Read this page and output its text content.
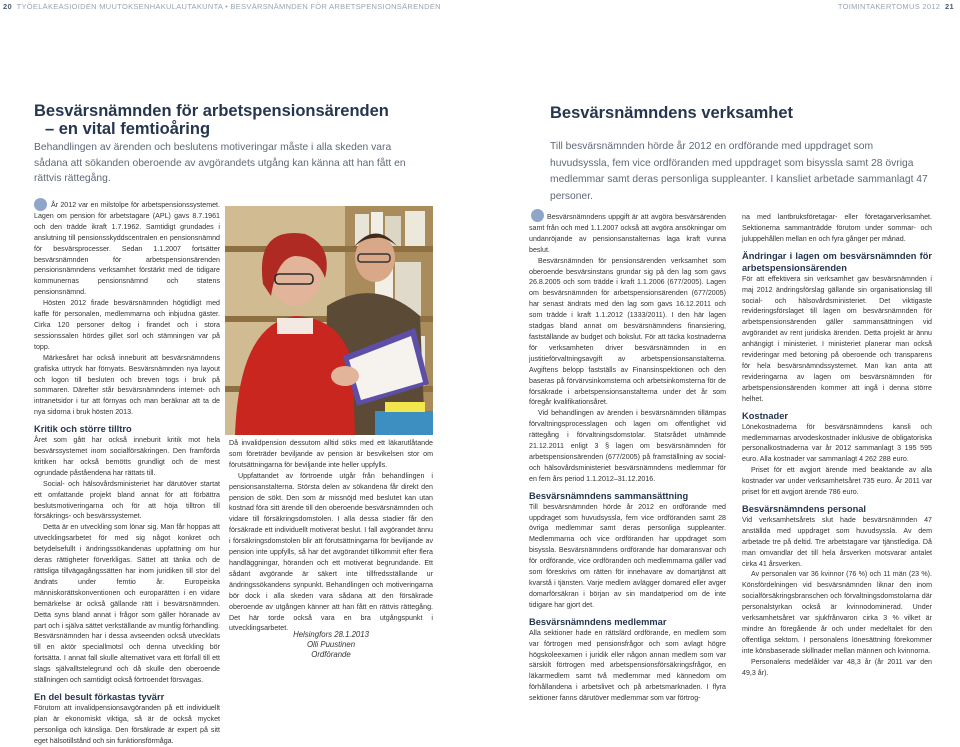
20 TYÖELÄKEASIOIDEN MUUTOKSENHAKULAUTAKUNTA • BESVÄRSNÄMNDEN FÖR ARBETSPENSIONSÄRENDEN	TOIMINTAKERTOMUS 2012 21
Besvärsnämnden för arbetspensionsärenden
– en vital femtioåring

Behandlingen av ärenden och beslutens motiveringar måste i alla skeden vara sådana att sökanden oberoende av avgörandets utgång kan känna att han fått en rättvis rättegång.

Besvärsnämndens verksamhet

Till besvärsnämnden hörde år 2012 en ordförande med uppdraget som huvudsyssla, fem vice ordföranden med uppdraget som bisyssla samt 28 övriga medlemmar samt deras personliga suppleanter. I kansliet arbetade sammanlagt 47 personer.

År 2012 var en milstolpe för arbetspensionssystemet. Lagen om pension för arbetstagare (APL) gavs 8.7.1961 och den trädde ikraft 1.7.1962. Samtidigt grundades i anslutning till pensionsskyddscentralen en pensionsnämnd för besvärsprocesser. Sedan 1.1.2007 fortsätter besvärsnämnden för arbetspensionsärenden pensionsnämndens verksamhet förstärkt med de tidigare kommunernas pensionsnämnd och statens pensionsnämnd.

Hösten 2012 firade besvärsnämnden högtidligt med kaffe för personalen, medlemmarna och inbjudna gäster. Cirka 120 personer deltog i firandet och i stora sessionssalen hördes gillet sorl och stämningen var på topp.

Märkesåret har också inneburit att besvärsnämndens grafiska uttryck har förnyats. Besvärsnämnden nya layout och logon till besluten och breven togs i bruk på sommaren. Därefter står besvärsnämndens internet- och intranetsidor i tur att förnyas och man beräknar att ta de nya sidorna i bruk hösten 2013.

Kritik och större tilltro

Året som gått har också inneburit kritik mot hela besvärssystemet inom socialförsäkringen. Den framförda kritiken har också bemötts grundligt och de mest ogrundade påståendena har rättats till.

Social- och hälsovårdsministeriet har därutöver startat ett omfattande projekt bland annat för att förbättra beslutsmotiveringarna och för att höja tilltron till försäkrings- och besvärssystemet.

Detta är en utveckling som lönar sig. Man får hoppas att utvecklingsarbetet för med sig något konkret och betydelsefullt i ändringssökandenas uppfattning om hur deras rättigheter förverkligas. Sättet att tänka och de rättsliga tillvägagångssätten har inom juridiken till stor del ändrats under femtio år. Europeiska människorättskonventionen och europarätten i en vidare bemärkelse är också gällande rätt i besvärsnämnden. Detta syns bland annat i frågor som gäller höranade av part och i själva sättet verkställande av muntlig förhandling. Besvärsnämnden har i dessa avseenden också utvecklats till en aktör speciallmotsl och denna utveckling bör fortsätta. I annat fall skulle alternativet vara ett förfall till ett slags självalltstelegrund och då skulle den oberoende ställningen och samtidigt också förtroendet försvagas.

En del besult förkastas tyvärr

Förutom att invalidpensionsavgöranden på ett individuellt plan är ekonomiskt viktiga, så är de också mycket personliga och känsliga. Den försäkrade är expert på sitt eget hälsotillstånd och sin funktionsförmåga.

Då invalidpension dessutom alltid söks med ett läkarutlåtande som företräder beviljande av pension är besvikelsen stor om förutsättningarna för beviljande inte heller uppfylls.

Uppfattandet av förtroende utgår från behandlingen i pensionsanstalterna. Största delen av sökandena får direkt den pension de sökt. Den som är missnöjd med beslutet kan utan kostnad föra sitt ärende till den oberoende besvärsnämnden och vidare till försäkringsdomstolen. I alla dessa stadier får den försäkrade ett individuellt motiverat beslut. I fall avgörandet ännu i försäkringsdomstolen blir att förutsättningarna för beviljande av pension inte uppfylls, så har det avgörandet tillkommit efter flera handläggningar, höranden och ett motiverat begrundande. Ett sådant avgörande är säkert inte tillfredsställande ur ändringssökandens synpunkt. Behandlingen och motiveringarna bör dock i alla skeden vara sådana att den försäkrade oberoende av utgången känner att han fått en rättvis rättegång. Det här torde också vara en bra utgångspunkt i utvecklingsarbetet.

Helsingfors 28.1.2013
Olli Puustinen
Ordförande

Besvärsnämndens uppgift är att avgöra besvärsärenden samt från och med 1.1.2007 också att avgöra ansökningar om undanröjande av pensionsanstalternas laga kraft vunna beslut.

Besvärsnämnden för pensionsärenden verksamhet som oberoende besvärsinstans grundar sig på den lag som gavs 26.8.2005 och som trädde i kraft 1.1.2006 (677/2005). Lagen om besvärsnämnden för arbetspensionsärenden (677/2005) har senast ändrats med den lag som gavs 16.12.2011 och som trädde i kraft 1.1.2012 (1333/2011). I den här lagen stadgas bland annat om besvärsnämndens finansiering, fastställande av budget och bokslut. För att täcka kostnaderna för verksamheten driver besvärsnämnden in en justitieförvaltningsavgift av arbetspensionsanstalterna. Avgiftens belopp fastställs av Finansinspektionen och den baseras på förvärvsinkomsterna och arbetsinkomsterna för de försäkrade i arbetspensionsanstalterna under det år som föregår kvalifikationsåret.

Vid behandlingen av ärenden i besvärsnämnden tillämpas förvaltningsprocesslagen och lagen om offentlighet vid rättegång i förvaltningsdomstolar. Statsrådet utnämnde 21.12.2011 enligt 3 § lagen om besvärsnämnden för arbetspensionsärenden (677/2005) på framställning av social- och hälsovårdsministeriet besvärsnämndens medlemmar för en fem års period 1.1.2012–31.12.2016.

Besvärsnämndens sammansättning

Till besvärsnämnden hörde år 2012 en ordförande med uppdraget som huvudsyssla, fem vice ordföranden samt 28 övriga medlemmar samt deras personliga suppleanter. Medlemmarna och vice ordföranden har uppdraget som bisyssla. Besvärsnämndens ordförande har domaransvar och för ordförande, vice ordföranden och medlemmarna gäller vad som föreskrivs om rätten för innehavare av domartjänst att kvarstå i tjänsten. Varje medlem avlägger domared eller avger domarförsäkran i början av sin mandatperiod om de inte tidigare har gjort det.

Besvärsnämndens medlemmar

Alla sektioner hade en rättslärd ordförande, en medlem som var förtrogen med pensionsfrågor och som avlagt högre högskoleexamen i juridik eller någon annan medlem som var särskilt förtrogen med arbetspensionsförsäkringsfrågor, en läkarmedlem samt två medlemmar med kännedom om förhållandena i arbetslivet och på arbetsmarknaden. I flyra sektioner fanns därutöver medlemmar som var förtrog-

na med lantbruksföretagar- eller företagarverksamhet. Sektionerna sammanträdde förutom under sommar- och juluppehållen mellan en och fyra gånger per månad.

Ändringar i lagen om besvärsnämnden för arbetspensionsärenden

För att effektivera sin verksamhet gav besvärsnämnden i maj 2012 ändringsförslag gällande sin organisationslag till social- och hälsovårdsministeriet. Det viktigaste revideringsförslaget till lagen om besvärsnämnden för arbetspensionsärenden gäller sammansättningen vid avgörandet av rent juridiska ärenden. Detta projekt är ännu anhängigt i ministeriet. I ministeriet planerar man också revideringar med betoning på oberoende och transparens för hela besvärsnämndssystemet. Man kan anta att revideringarna av lagen om besvärsnämnden för arbetspensionsärenden kommer att ingå i denna större helhet.

Kostnader

Lönekostnaderna för besvärsnämndens kansli och medlemmarnas arvodeskostnader inklusive de obligatoriska personalkostnaderna var år 2012 sammanlagt 3 195 595 euro. Alla kostnader var sammanlagt 4 262 288 euro.

Priset för ett avgjort ärende med beaktande av alla kostnader var under verksamhetsåret 735 euro. År 2011 var priset för ett avgjort ärende 786 euro.

Besvärsnämndens personal

Vid verksamhetsårets slut hade besvärsnämnden 47 anställda med uppdraget som huvudsyssla. Av dem arbetade tre på deltid. Tre arbetstagare var tjänstlediga. Då man omvandlar det till hela årsverken motsvarar antalet cirka 41 årsverken.

Av personalen var 36 kvinnor (76 %) och 11 män (23 %). Könsfördelningen vid besvärsnämnden liknar den inom socialförsäkringsbranschen och förvaltningsdomstolarna där personalstyrkan också är kvinnodominerad. Under verksamhetsåret var sjukfrånvaron cirka 3 % vilket är mindre än föregående år och under medeltalet för den offentliga sektorn. I personalens lönesättning förekommer inte könsbaserade skillnader mellan männen och kvinnorna.

Personalens medelålder var 48,3 år (år 2011 var den 49,3 år).
